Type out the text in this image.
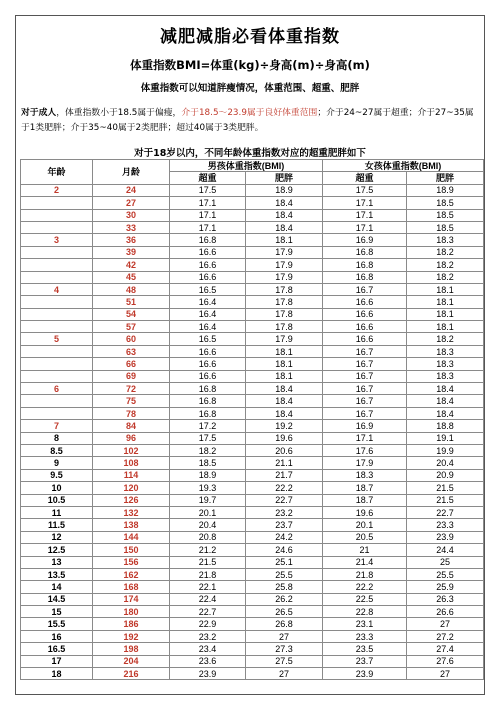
减肥减脂必看体重指数
体重指数BMI=体重(kg)÷身高(m)÷身高(m)
体重指数可以知道胖瘦情况，体重范围、超重、肥胖
对于成人，体重指数小于18.5属于偏瘦，介于18.5～23.9属于良好体重范围；介于24~27属于超重；介于27~35属于1类肥胖；介于35~40属于2类肥胖；超过40属于3类肥胖。
对于18岁以内，不同年龄体重指数对应的超重肥胖如下
年龄	月龄	男孩体重指数(BMI)		女孩体重指数(BMI)	
		超重	肥胖	超重	肥胖
2	24	17.5	18.9	17.5	18.9
	27	17.1	18.4	17.1	18.5
	30	17.1	18.4	17.1	18.5
	33	17.1	18.4	17.1	18.5
3	36	16.8	18.1	16.9	18.3
	39	16.6	17.9	16.8	18.2
	42	16.6	17.9	16.8	18.2
	45	16.6	17.9	16.8	18.2
4	48	16.5	17.8	16.7	18.1
	51	16.4	17.8	16.6	18.1
	54	16.4	17.8	16.6	18.1
	57	16.4	17.8	16.6	18.1
5	60	16.5	17.9	16.6	18.2
	63	16.6	18.1	16.7	18.3
	66	16.6	18.1	16.7	18.3
	69	16.6	18.1	16.7	18.3
6	72	16.8	18.4	16.7	18.4
	75	16.8	18.4	16.7	18.4
	78	16.8	18.4	16.7	18.4
7	84	17.2	19.2	16.9	18.8
8	96	17.5	19.6	17.1	19.1
8.5	102	18.2	20.6	17.6	19.9
9	108	18.5	21.1	17.9	20.4
9.5	114	18.9	21.7	18.3	20.9
10	120	19.3	22.2	18.7	21.5
10.5	126	19.7	22.7	18.7	21.5
11	132	20.1	23.2	19.6	22.7
11.5	138	20.4	23.7	20.1	23.3
12	144	20.8	24.2	20.5	23.9
12.5	150	21.2	24.6	21	24.4
13	156	21.5	25.1	21.4	25
13.5	162	21.8	25.5	21.8	25.5
14	168	22.1	25.8	22.2	25.9
14.5	174	22.4	26.2	22.5	26.3
15	180	22.7	26.5	22.8	26.6
15.5	186	22.9	26.8	23.1	27
16	192	23.2	27	23.3	27.2
16.5	198	23.4	27.3	23.5	27.4
17	204	23.6	27.5	23.7	27.6
18	216	23.9	27	23.9	27
